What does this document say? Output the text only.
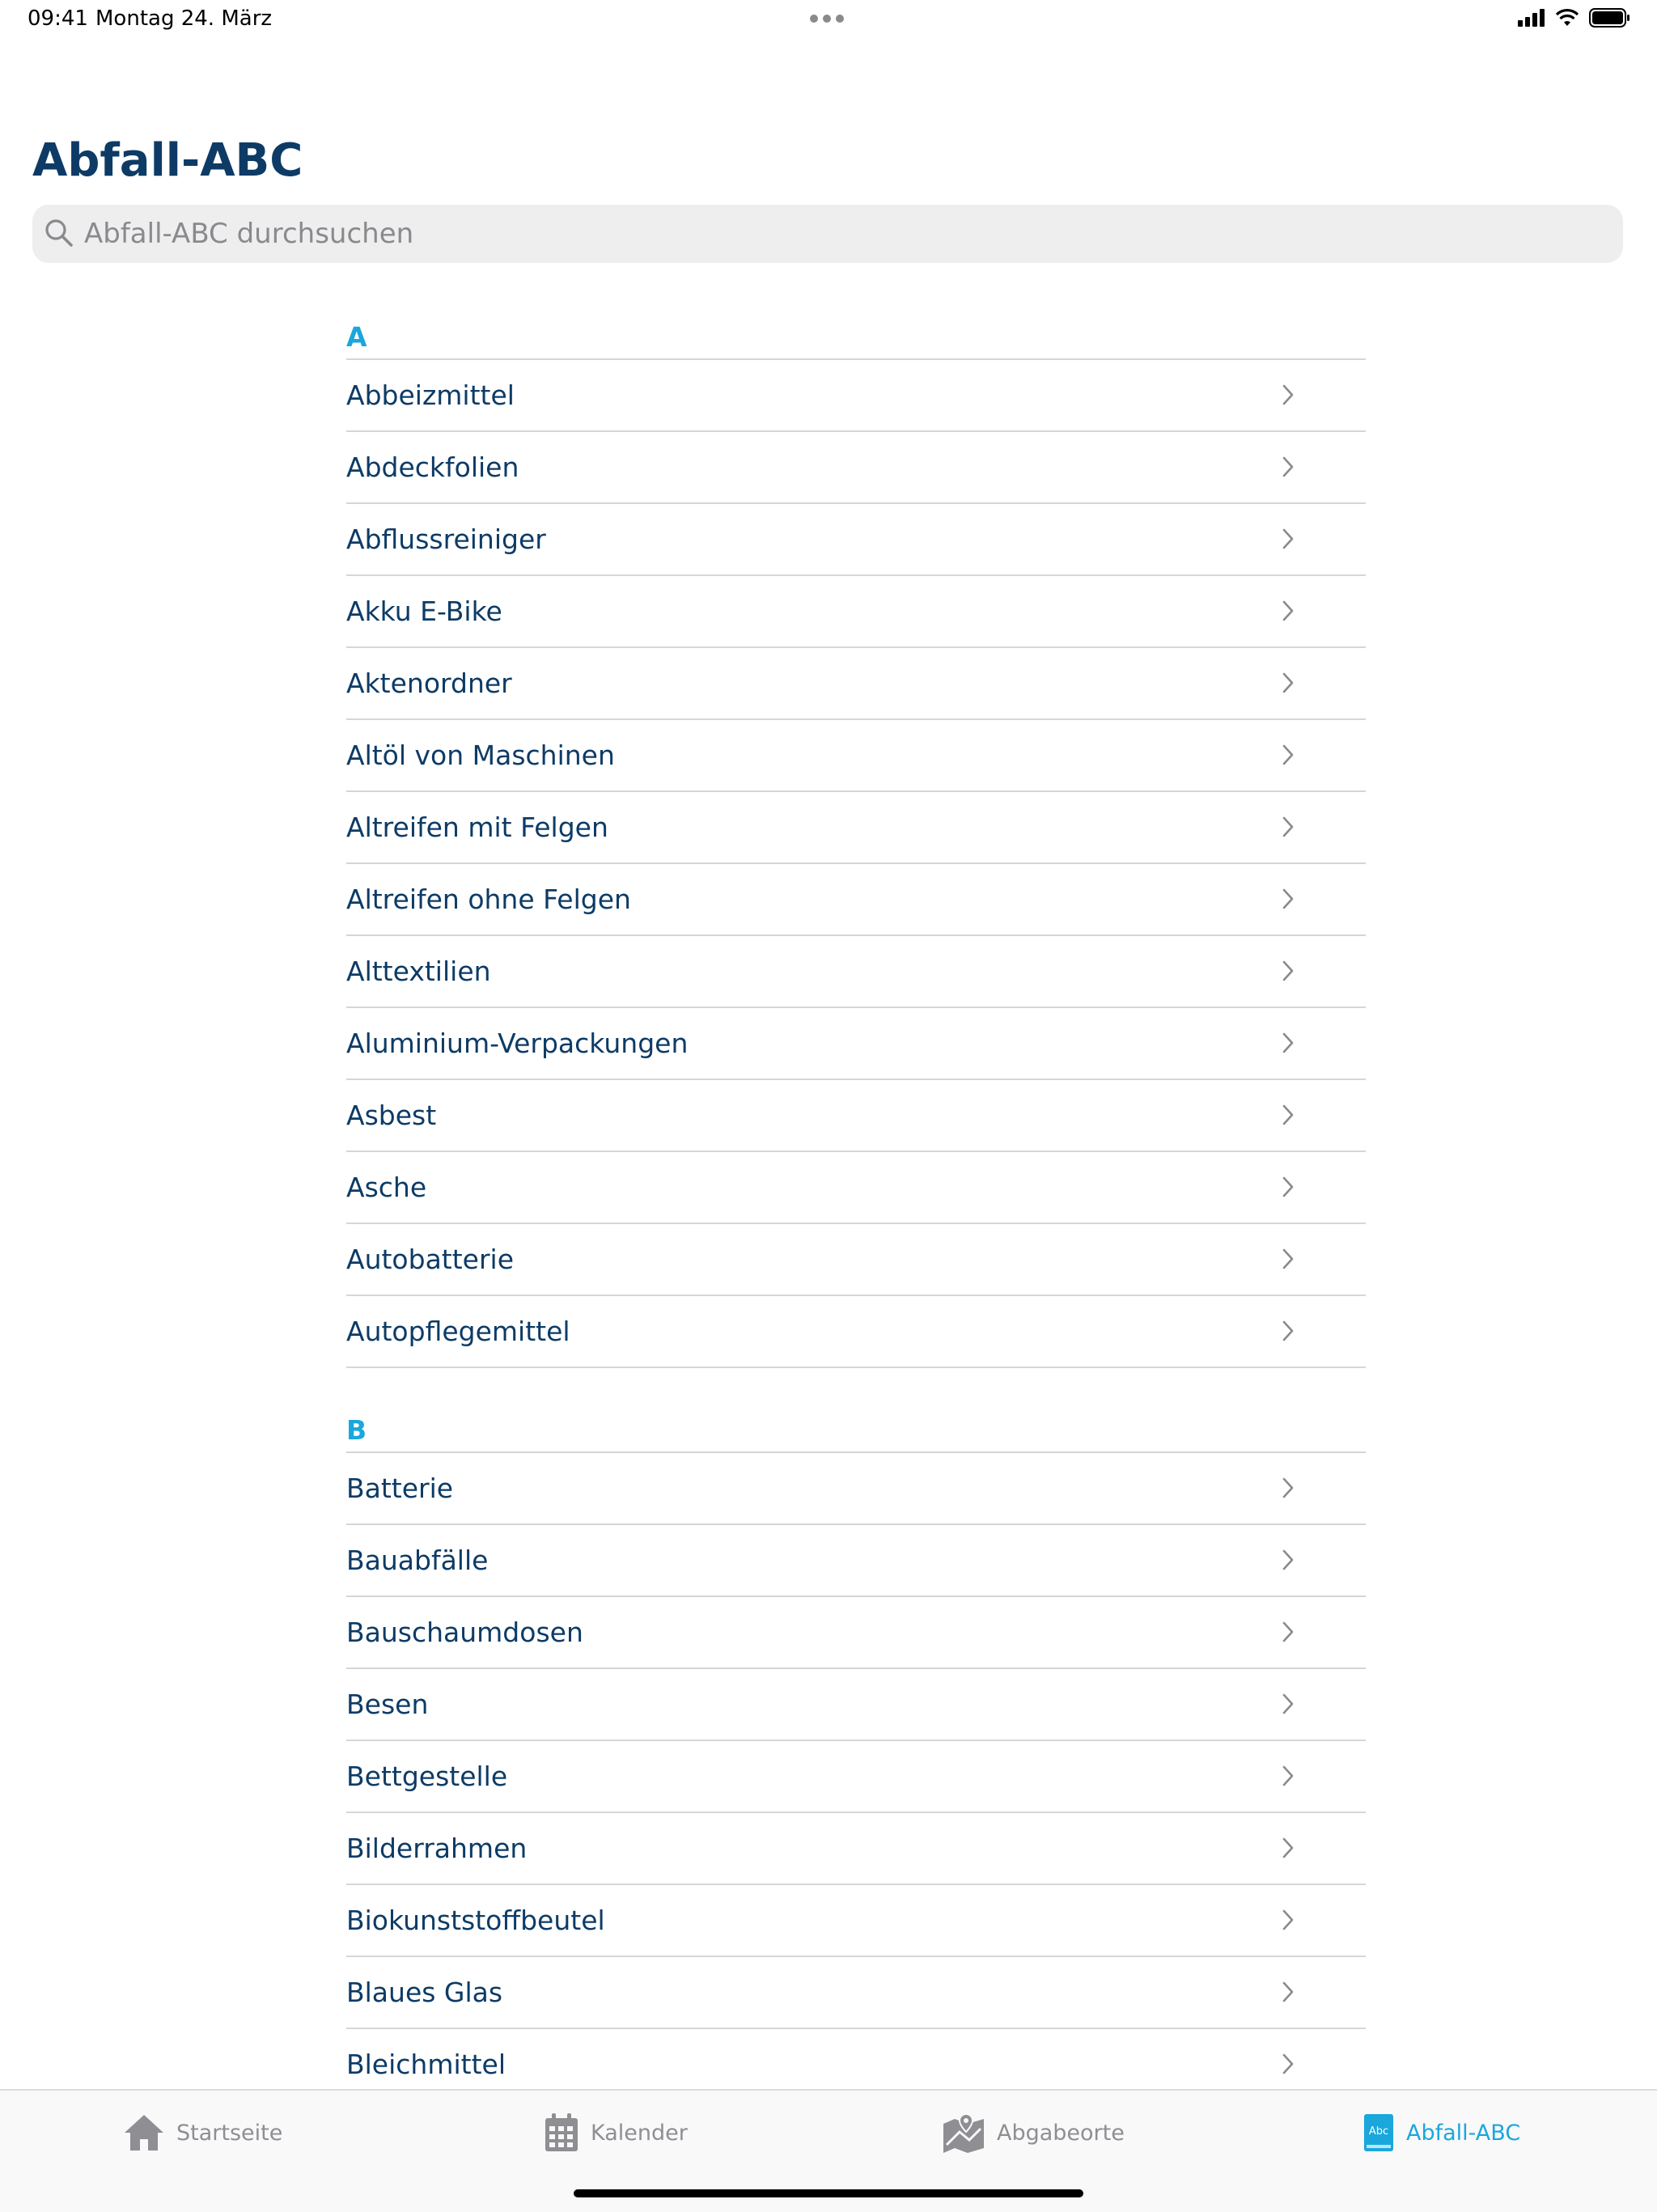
09:41 Montag 24. März
Abfall-ABC
Abfall-ABC durchsuchen
A
Abbeizmittel
Abdeckfolien
Abflussreiniger
Akku E-Bike
Aktenordner
Altöl von Maschinen
Altreifen mit Felgen
Altreifen ohne Felgen
Alttextilien
Aluminium-Verpackungen
Asbest
Asche
Autobatterie
Autopflegemittel
B
Batterie
Bauabfälle
Bauschaumdosen
Besen
Bettgestelle
Bilderrahmen
Biokunststoffbeutel
Blaues Glas
Bleichmittel
Startseite	Kalender	Abgabeorte	Abc Abfall-ABC
